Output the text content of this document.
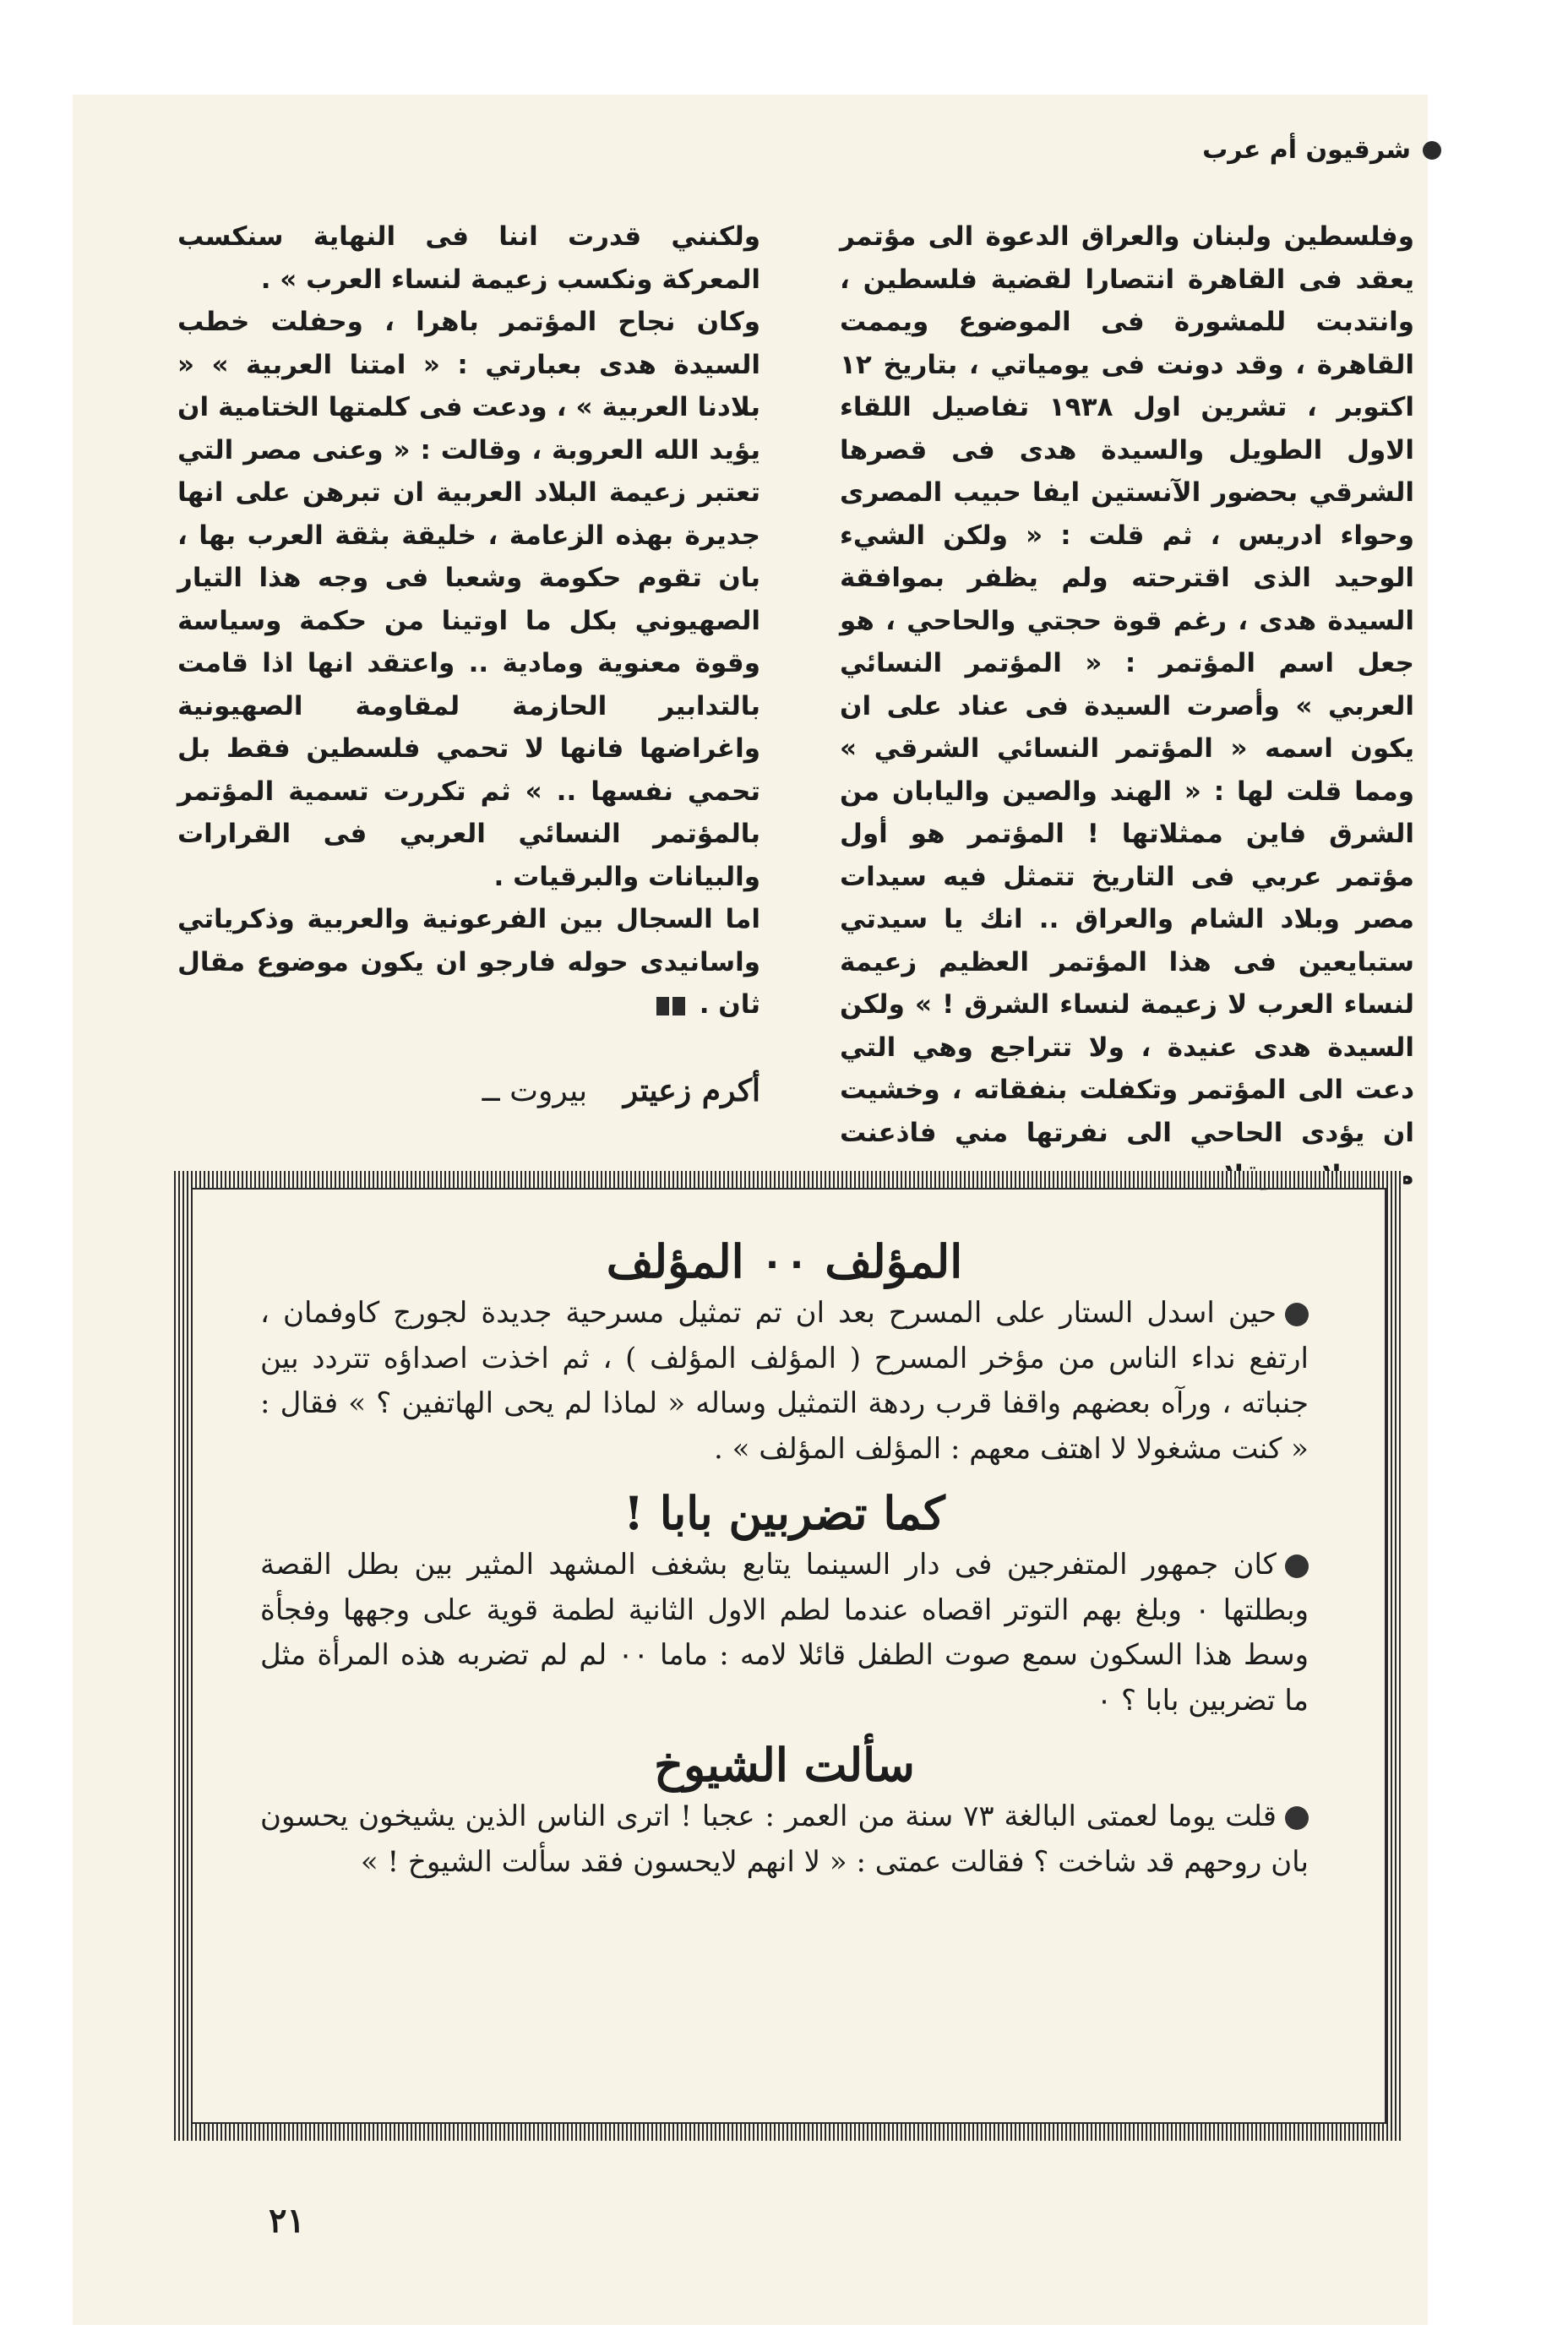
شرقيون أم عرب

وفلسطين ولبنان والعراق الدعوة الى مؤتمر يعقد فى القاهرة انتصارا لقضية فلسطين ، وانتدبت للمشورة فى الموضوع ويممت القاهرة ، وقد دونت فى يومياتي ، بتاريخ ١٢ اكتوبر ، تشرين اول ١٩٣٨ تفاصيل اللقاء الاول الطويل والسيدة هدى فى قصرها الشرقي بحضور الآنستين ايفا حبيب المصرى وحواء ادريس ، ثم قلت : « ولكن الشيء الوحيد الذى اقترحته ولم يظفر بموافقة السيدة هدى ، رغم قوة حجتي والحاحي ، هو جعل اسم المؤتمر : « المؤتمر النسائي العربي » وأصرت السيدة فى عناد على ان يكون اسمه « المؤتمر النسائي الشرقي » ومما قلت لها : « الهند والصين واليابان من الشرق فاين ممثلاتها ! المؤتمر هو أول مؤتمر عربي فى التاريخ تتمثل فيه سيدات مصر وبلاد الشام والعراق .. انك يا سيدتي ستبايعين فى هذا المؤتمر العظيم زعيمة لنساء العرب لا زعيمة لنساء الشرق ! » ولكن السيدة هدى عنيدة ، ولا تتراجع وهي التي دعت الى المؤتمر وتكفلت بنفقاته ، وخشيت ان يؤدى الحاحي الى نفرتها مني فاذعنت محسبلا محوقلا ..

ولكنني قدرت اننا فى النهاية سنكسب المعركة ونكسب زعيمة لنساء العرب » .

وكان نجاح المؤتمر باهرا ، وحفلت خطب السيدة هدى بعبارتي : « امتنا العربية » « بلادنا العربية » ، ودعت فى كلمتها الختامية ان يؤيد الله العروبة ، وقالت : « وعنى مصر التي تعتبر زعيمة البلاد العربية ان تبرهن على انها جديرة بهذه الزعامة ، خليقة بثقة العرب بها ، بان تقوم حكومة وشعبا فى وجه هذا التيار الصهيوني بكل ما اوتينا من حكمة وسياسة وقوة معنوية ومادية .. واعتقد انها اذا قامت بالتدابير الحازمة لمقاومة الصهيونية واغراضها فانها لا تحمي فلسطين فقط بل تحمي نفسها .. » ثم تكررت تسمية المؤتمر بالمؤتمر النسائي العربي فى القرارات والبيانات والبرقيات .

اما السجال بين الفرعونية والعربية وذكرياتي واسانيدى حوله فارجو ان يكون موضوع مقال ثان .

أكرم زعيتر بيروت ــ
المؤلف ٠٠ المؤلف

حين اسدل الستار على المسرح بعد ان تم تمثيل مسرحية جديدة لجورج كاوفمان ، ارتفع نداء الناس من مؤخر المسرح ( المؤلف المؤلف ) ، ثم اخذت اصداؤه تتردد بين جنباته ، ورآه بعضهم واقفا قرب ردهة التمثيل وساله « لماذا لم يحى الهاتفين ؟ » فقال : « كنت مشغولا لا اهتف معهم : المؤلف المؤلف » .

كما تضربين بابا !

كان جمهور المتفرجين فى دار السينما يتابع بشغف المشهد المثير بين بطل القصة وبطلتها ٠ وبلغ بهم التوتر اقصاه عندما لطم الاول الثانية لطمة قوية على وجهها وفجأة وسط هذا السكون سمع صوت الطفل قائلا لامه : ماما ٠٠ لم لم تضربه هذه المرأة مثل ما تضربين بابا ؟ ٠

سألت الشيوخ

قلت يوما لعمتى البالغة ٧٣ سنة من العمر : عجبا ! اترى الناس الذين يشيخون يحسون بان روحهم قد شاخت ؟ فقالت عمتى : « لا انهم لايحسون فقد سألت الشيوخ ! »

٢١
